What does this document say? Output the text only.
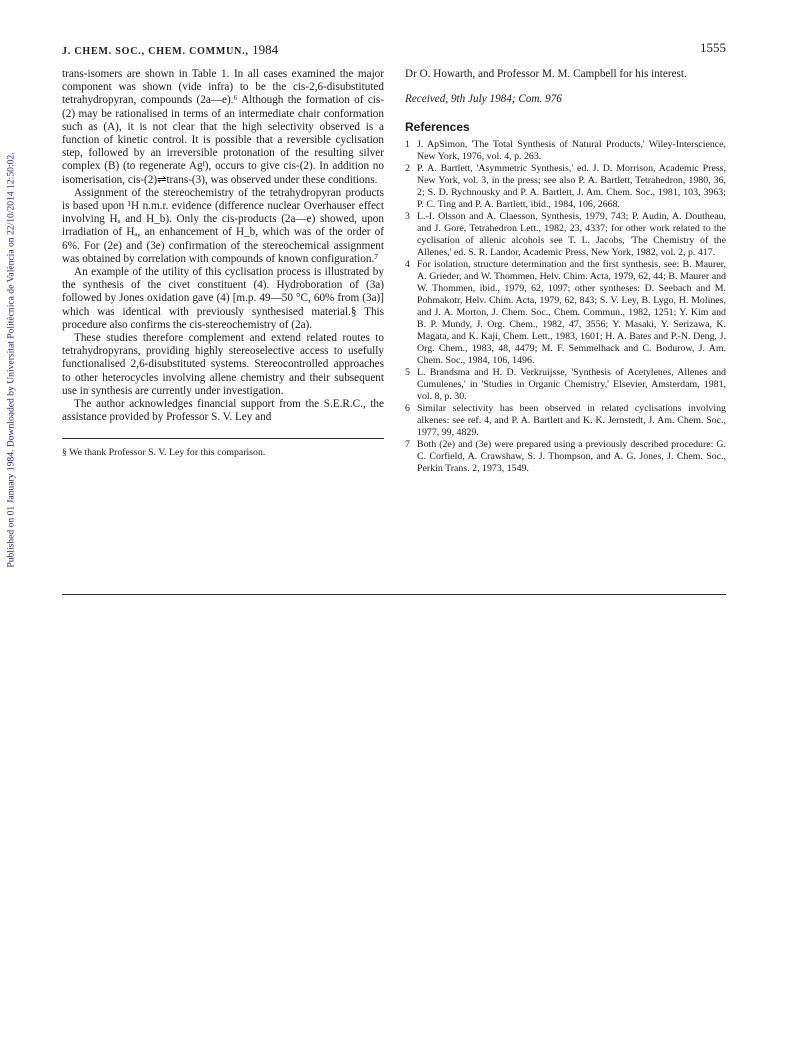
Published on 01 January 1984. Downloaded by Universitat Politècnica de València on 22/10/2014 12:50:02.
J. CHEM. SOC., CHEM. COMMUN., 1984	1555

trans-isomers are shown in Table 1. In all cases examined the major component was shown (vide infra) to be the cis-2,6-disubstituted tetrahydropyran, compounds (2a—e).⁶ Although the formation of cis-(2) may be rationalised in terms of an intermediate chair conformation such as (A), it is not clear that the high selectivity observed is a function of kinetic control. It is possible that a reversible cyclisation step, followed by an irreversible protonation of the resulting silver complex (B) (to regenerate Agᴵ), occurs to give cis-(2). In addition no isomerisation, cis-(2)⇌trans-(3), was observed under these conditions.

Assignment of the stereochemistry of the tetrahydropyran products is based upon ¹H n.m.r. evidence (difference nuclear Overhauser effect involving Hₐ and H_b). Only the cis-products (2a—e) showed, upon irradiation of Hₐ, an enhancement of H_b, which was of the order of 6%. For (2e) and (3e) confirmation of the stereochemical assignment was obtained by correlation with compounds of known configuration.⁷

An example of the utility of this cyclisation process is illustrated by the synthesis of the civet constituent (4). Hydroboration of (3a) followed by Jones oxidation gave (4) [m.p. 49—50 °C, 60% from (3a)] which was identical with previously synthesised material.§ This procedure also confirms the cis-stereochemistry of (2a).

These studies therefore complement and extend related routes to tetrahydropyrans, providing highly stereoselective access to usefully functionalised 2,6-disubstituted systems. Stereocontrolled approaches to other heterocycles involving allene chemistry and their subsequent use in synthesis are currently under investigation.

The author acknowledges financial support from the S.E.R.C., the assistance provided by Professor S. V. Ley and

§ We thank Professor S. V. Ley for this comparison.

Dr O. Howarth, and Professor M. M. Campbell for his interest.

Received, 9th July 1984; Com. 976

References

1 J. ApSimon, 'The Total Synthesis of Natural Products,' Wiley-Interscience, New York, 1976, vol. 4, p. 263.

2 P. A. Bartlett, 'Asymmetric Synthesis,' ed. J. D. Morrison, Academic Press, New York, vol. 3, in the press; see also P. A. Bartlett, Tetrahedron, 1980, 36, 2; S. D. Rychnousky and P. A. Bartlett, J. Am. Chem. Soc., 1981, 103, 3963; P. C. Ting and P. A. Bartlett, ibid., 1984, 106, 2668.

3 L.-I. Olsson and A. Claesson, Synthesis, 1979, 743; P. Audin, A. Doutheau, and J. Gore, Tetrahedron Lett., 1982, 23, 4337; for other work related to the cyclisation of allenic alcohols see T. L. Jacobs, 'The Chemistry of the Allenes,' ed. S. R. Landor, Academic Press, New York, 1982, vol. 2, p. 417.

4 For isolation, structure determination and the first synthesis, see: B. Maurer, A. Grieder, and W. Thommen, Helv. Chim. Acta, 1979, 62, 44; B. Maurer and W. Thommen, ibid., 1979, 62, 1097; other syntheses: D. Seebach and M. Pohmakotr, Helv. Chim. Acta, 1979, 62, 843; S. V. Ley, B. Lygo, H. Molines, and J. A. Morton, J. Chem. Soc., Chem. Commun., 1982, 1251; Y. Kim and B. P. Mundy, J. Org. Chem., 1982, 47, 3556; Y. Masaki, Y. Serizawa, K. Magata, and K. Kaji, Chem. Lett., 1983, 1601; H. A. Bates and P.-N. Deng, J. Org. Chem., 1983, 48, 4479; M. F. Semmelhack and C. Bodurow, J. Am. Chem. Soc., 1984, 106, 1496.

5 L. Brandsma and H. D. Verkruijsse, 'Synthesis of Acetylenes, Allenes and Cumulenes,' in 'Studies in Organic Chemistry,' Elsevier, Amsterdam, 1981, vol. 8, p. 30.

6 Similar selectivity has been observed in related cyclisations involving alkenes: see ref. 4, and P. A. Bartlett and K. K. Jernstedt, J. Am. Chem. Soc., 1977, 99, 4829.

7 Both (2e) and (3e) were prepared using a previously described procedure: G. C. Corfield, A. Crawshaw, S. J. Thompson, and A. G. Jones, J. Chem. Soc., Perkin Trans. 2, 1973, 1549.
